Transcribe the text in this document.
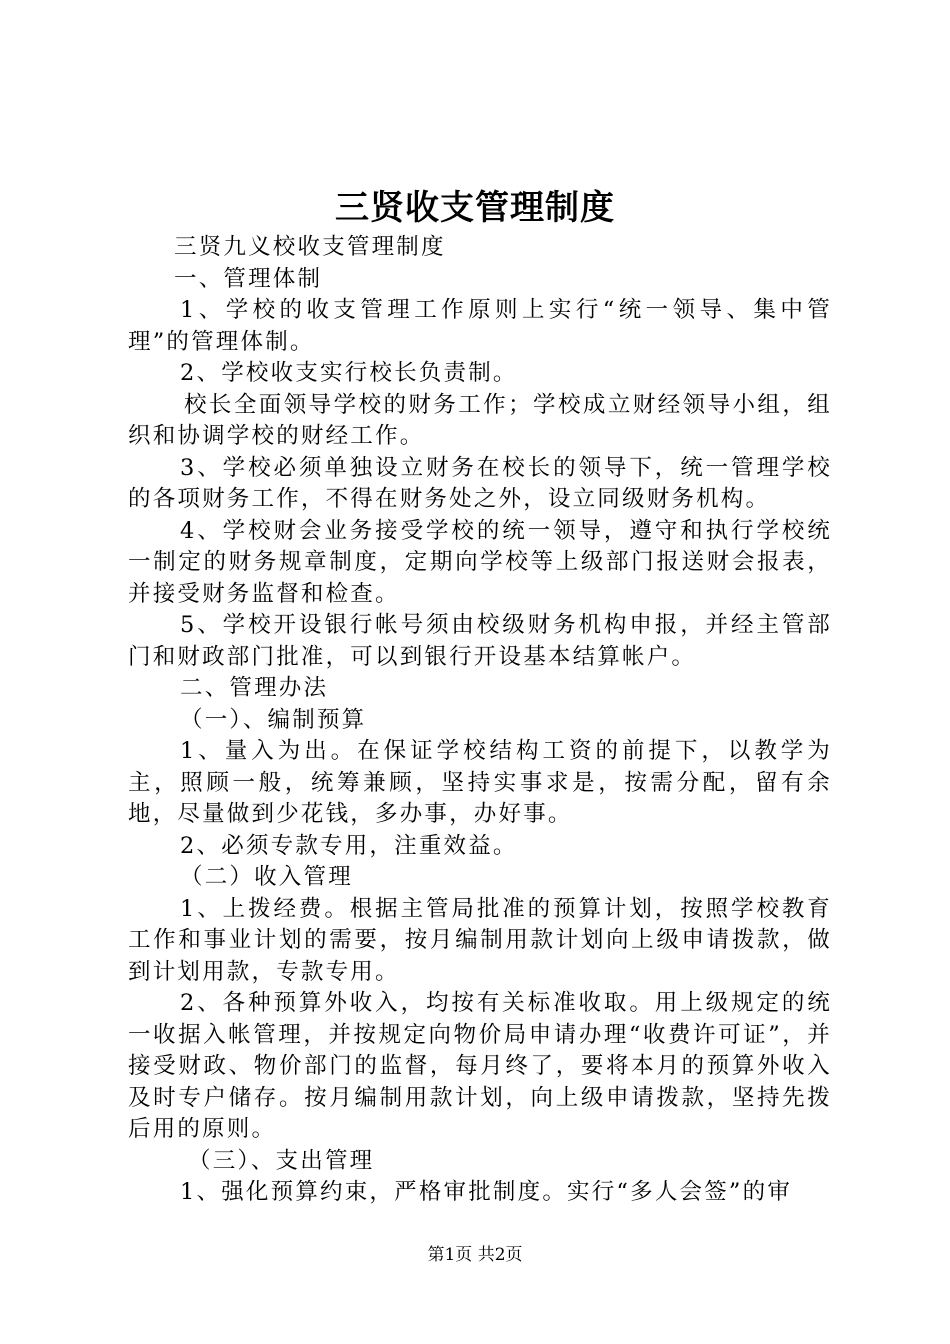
三贤收支管理制度

三贤九义校收支管理制度

一、管理体制

1、学校的收支管理工作原则上实行“统一领导、集中管理”的管理体制。

2、学校收支实行校长负责制。

校长全面领导学校的财务工作；学校成立财经领导小组，组织和协调学校的财经工作。

3、学校必须单独设立财务在校长的领导下，统一管理学校的各项财务工作，不得在财务处之外，设立同级财务机构。

4、学校财会业务接受学校的统一领导，遵守和执行学校统一制定的财务规章制度，定期向学校等上级部门报送财会报表，并接受财务监督和检查。

5、学校开设银行帐号须由校级财务机构申报，并经主管部门和财政部门批准，可以到银行开设基本结算帐户。

二、管理办法

（一）、编制预算

1、量入为出。在保证学校结构工资的前提下，以教学为主，照顾一般，统筹兼顾，坚持实事求是，按需分配，留有余地，尽量做到少花钱，多办事，办好事。

2、必须专款专用，注重效益。

（二）收入管理

1、上拨经费。根据主管局批准的预算计划，按照学校教育工作和事业计划的需要，按月编制用款计划向上级申请拨款，做到计划用款，专款专用。

2、各种预算外收入，均按有关标准收取。用上级规定的统一收据入帐管理，并按规定向物价局申请办理“收费许可证”，并接受财政、物价部门的监督，每月终了，要将本月的预算外收入及时专户储存。按月编制用款计划，向上级申请拨款，坚持先拨后用的原则。

（三）、支出管理

1、强化预算约束，严格审批制度。实行“多人会签”的审

第1页 共2页
